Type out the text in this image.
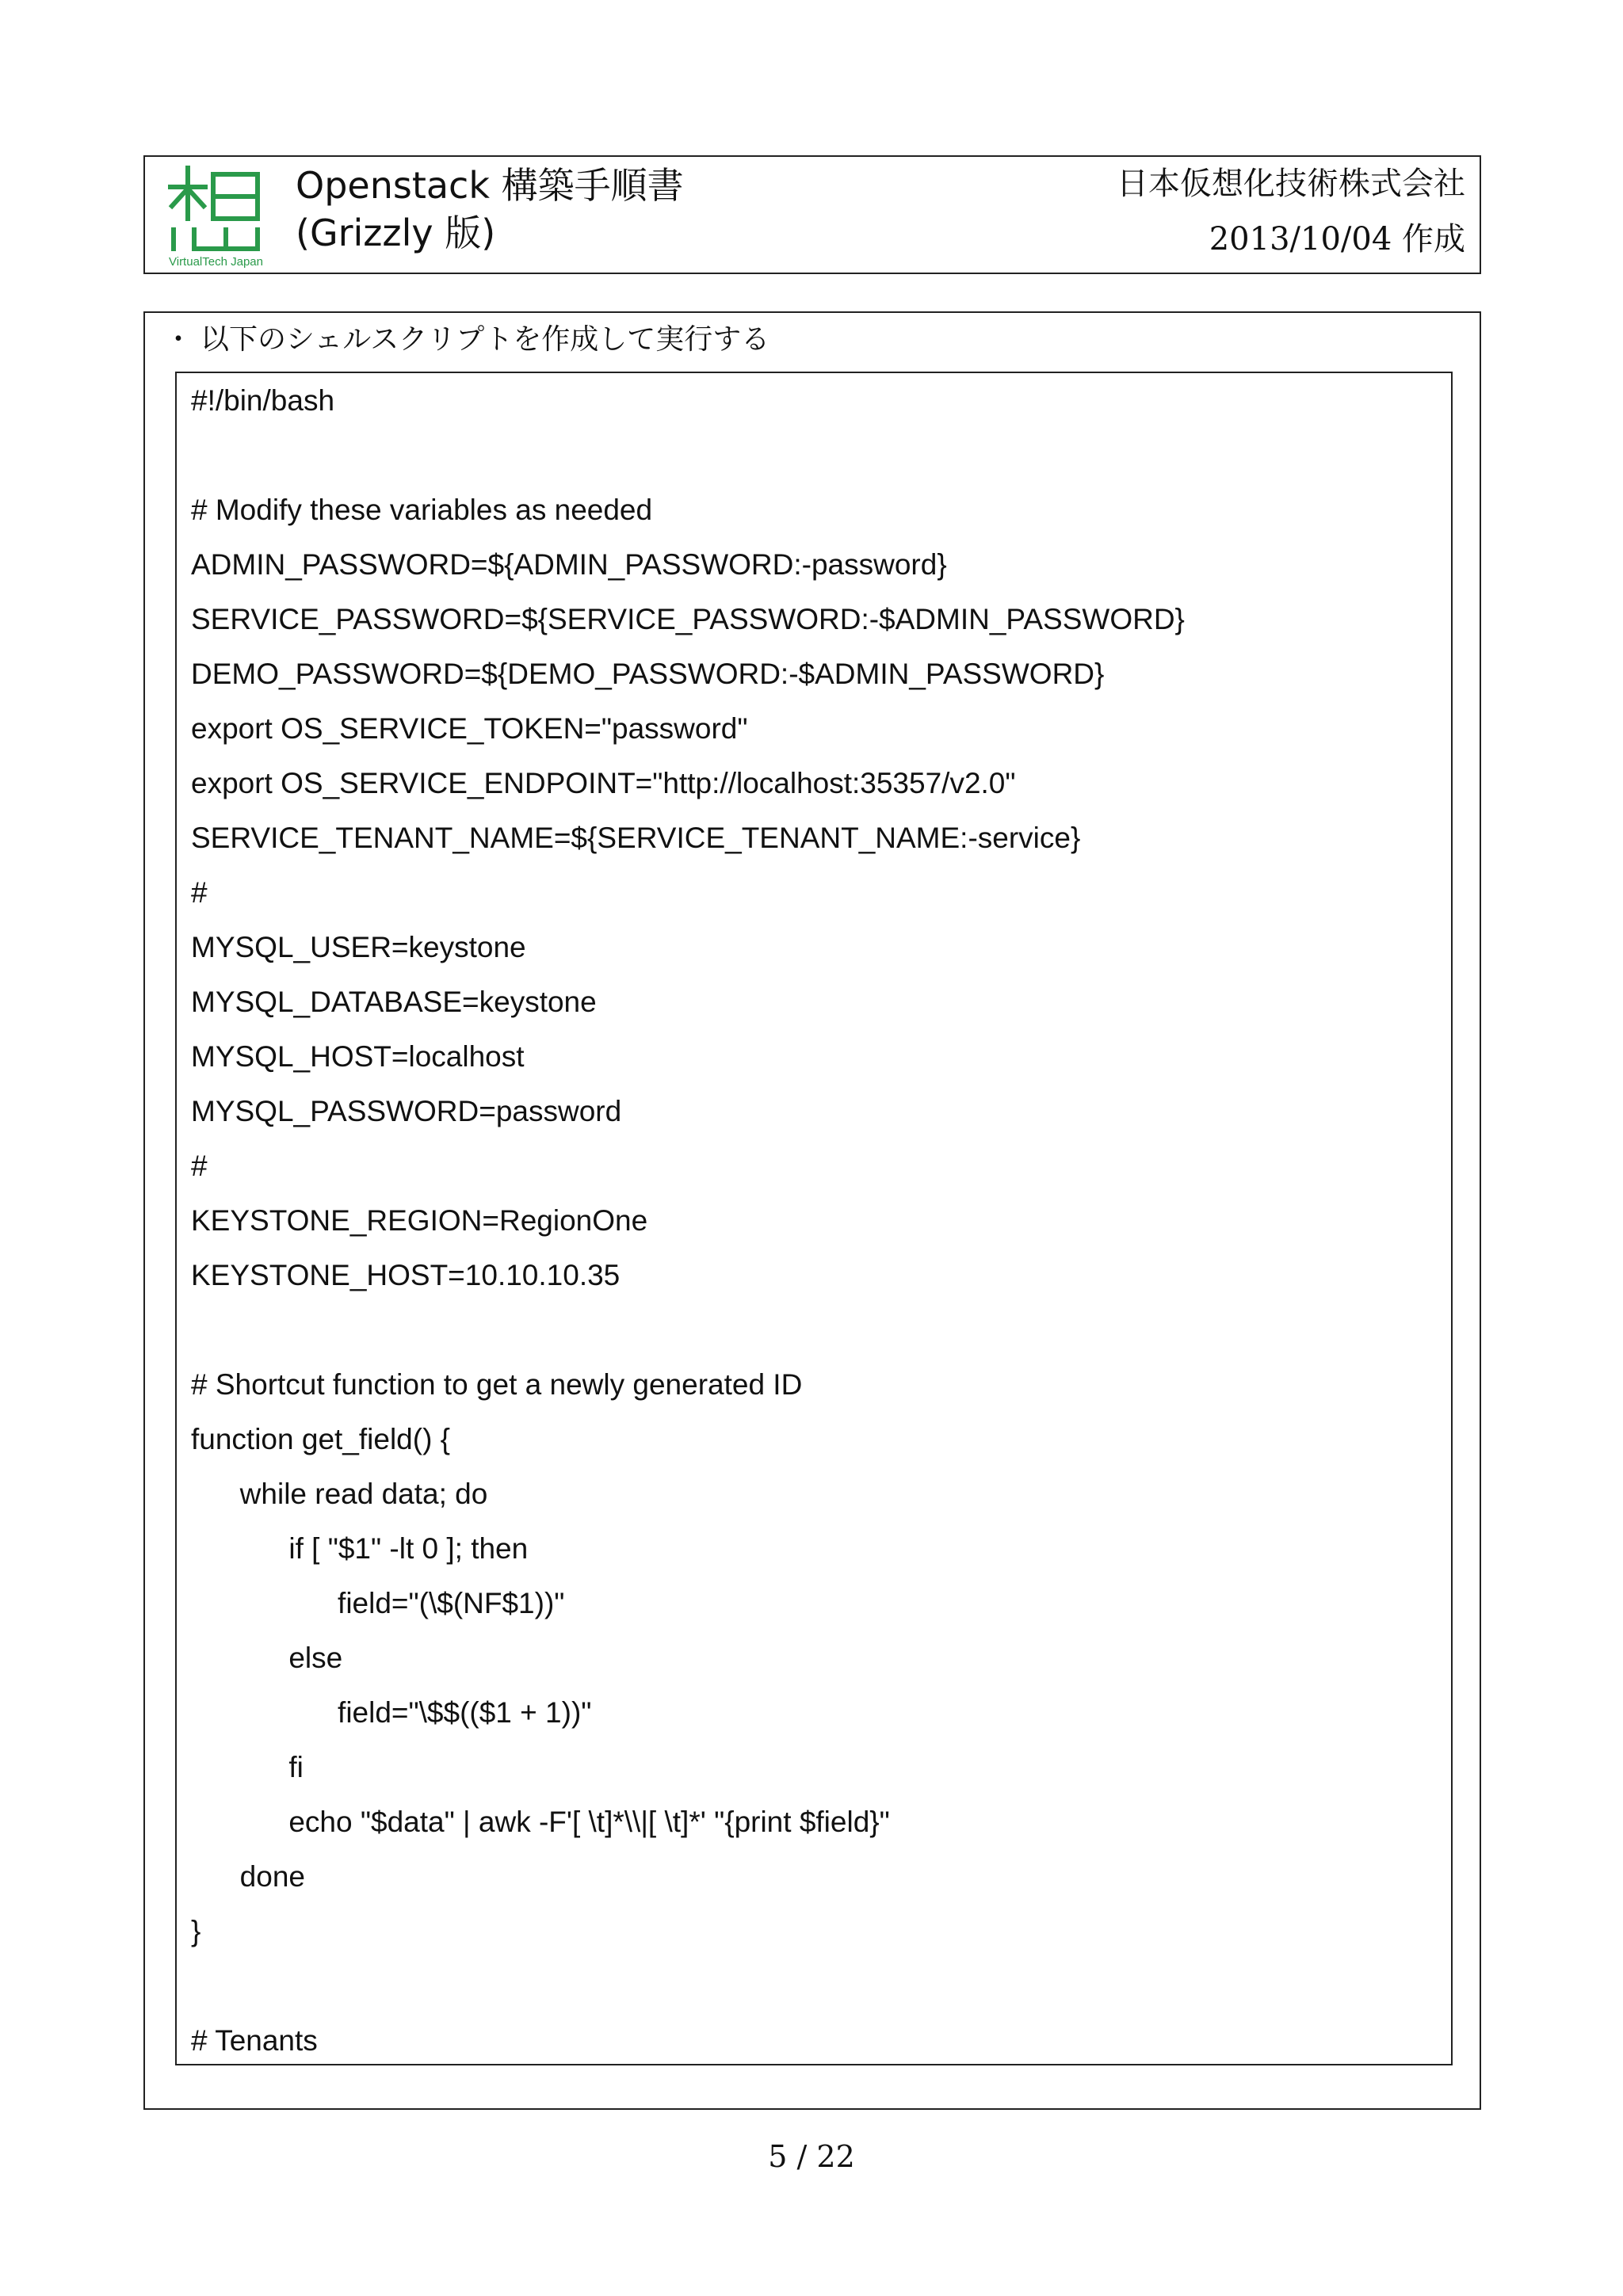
VirtualTech Japan
Openstack 構築手順書
(Grizzly 版)
日本仮想化技術株式会社
2013/10/04 作成
・ 以下のシェルスクリプトを作成して実行する
#!/bin/bash
# Modify these variables as needed
ADMIN_PASSWORD=${ADMIN_PASSWORD:-password}
SERVICE_PASSWORD=${SERVICE_PASSWORD:-$ADMIN_PASSWORD}
DEMO_PASSWORD=${DEMO_PASSWORD:-$ADMIN_PASSWORD}
export OS_SERVICE_TOKEN="password"
export OS_SERVICE_ENDPOINT="http://localhost:35357/v2.0"
SERVICE_TENANT_NAME=${SERVICE_TENANT_NAME:-service}
#
MYSQL_USER=keystone
MYSQL_DATABASE=keystone
MYSQL_HOST=localhost
MYSQL_PASSWORD=password
#
KEYSTONE_REGION=RegionOne
KEYSTONE_HOST=10.10.10.35
# Shortcut function to get a newly generated ID
function get_field() {
while read data; do
if [ "$1" -lt 0 ]; then
field="(\$(NF$1))"
else
field="\$$(($1 + 1))"
fi
echo "$data" | awk -F'[ \t]*\\|[ \t]*' "{print $field}"
done
}
# Tenants
5 / 22
